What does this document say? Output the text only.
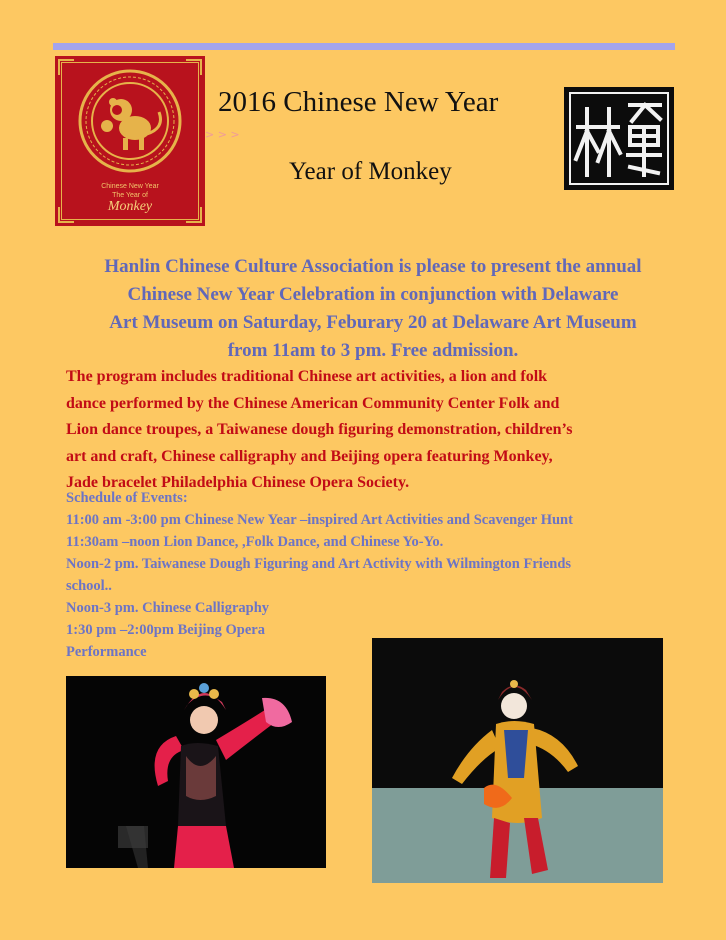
Chinese New Year
The Year of
Monkey
> > >
2016 Chinese New Year
Year of Monkey
Hanlin Chinese Culture Association is please to present the annual
Chinese New Year Celebration in conjunction with Delaware
Art Museum on Saturday, Feburary 20 at Delaware Art Museum
from 11am to 3 pm. Free admission.
The program includes traditional Chinese art activities, a lion and folk
dance performed by the Chinese American Community Center Folk and
Lion dance troupes, a Taiwanese dough figuring demonstration, children’s
art and craft, Chinese calligraphy and Beijing opera featuring Monkey,
Jade bracelet Philadelphia Chinese Opera Society.
Schedule of Events:
11:00 am -3:00 pm Chinese New Year –inspired Art Activities and Scavenger Hunt
11:30am –noon Lion Dance, ,Folk Dance, and Chinese Yo-Yo.
Noon-2 pm. Taiwanese Dough Figuring and Art Activity with Wilmington Friends
school..
Noon-3 pm. Chinese Calligraphy
1:30 pm –2:00pm Beijing Opera
Performance
